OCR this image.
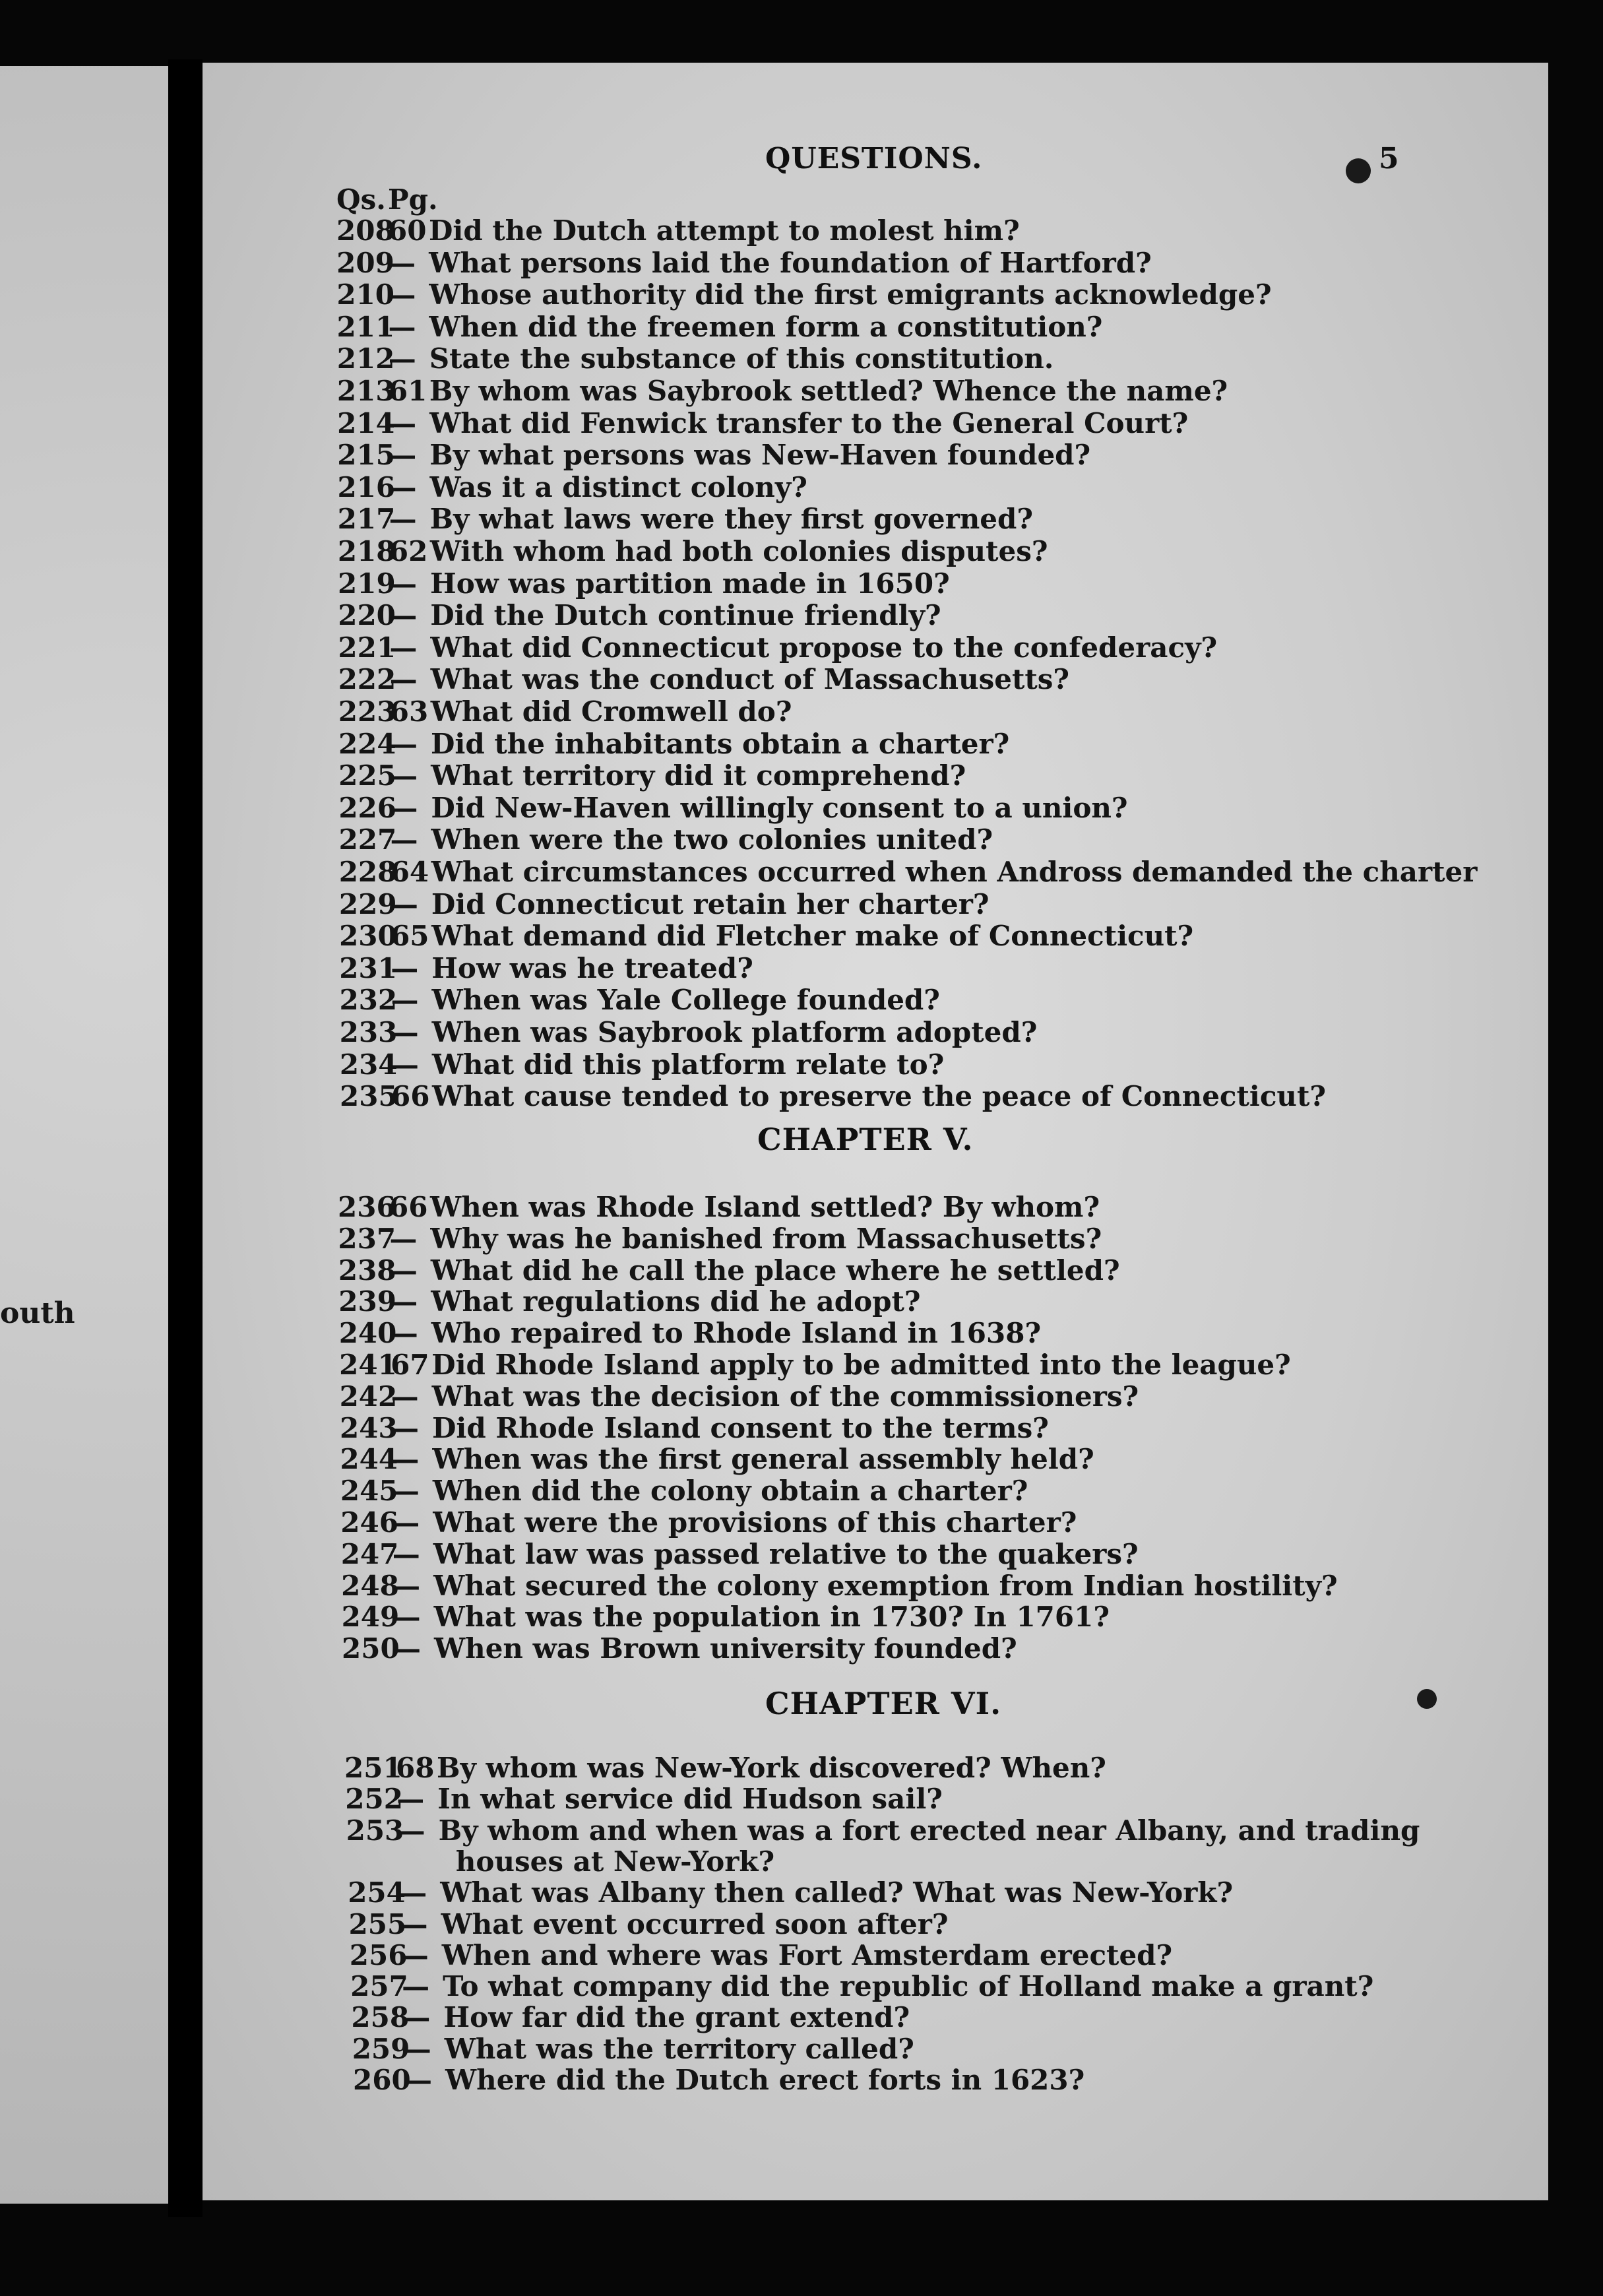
outh
QUESTIONS.	5
Qs.Pg.
20860Did the Dutch attempt to molest him?
209— What persons laid the foundation of Hartford?
210— Whose authority did the first emigrants acknowledge?
211— When did the freemen form a constitution?
212— State the substance of this constitution.
21361By whom was Saybrook settled? Whence the name?
214— What did Fenwick transfer to the General Court?
215— By what persons was New-Haven founded?
216— Was it a distinct colony?
217— By what laws were they first governed?
21862With whom had both colonies disputes?
219— How was partition made in 1650?
220— Did the Dutch continue friendly?
221— What did Connecticut propose to the confederacy?
222— What was the conduct of Massachusetts?
22363What did Cromwell do?
224— Did the inhabitants obtain a charter?
225— What territory did it comprehend?
226— Did New-Haven willingly consent to a union?
227— When were the two colonies united?
22864What circumstances occurred when Andross demanded the charter
229— Did Connecticut retain her charter?
23065What demand did Fletcher make of Connecticut?
231— How was he treated?
232— When was Yale College founded?
233— When was Saybrook platform adopted?
234— What did this platform relate to?
23566What cause tended to preserve the peace of Connecticut?
CHAPTER V.
23666When was Rhode Island settled? By whom?
237— Why was he banished from Massachusetts?
238— What did he call the place where he settled?
239— What regulations did he adopt?
240— Who repaired to Rhode Island in 1638?
24167Did Rhode Island apply to be admitted into the league?
242— What was the decision of the commissioners?
243— Did Rhode Island consent to the terms?
244— When was the first general assembly held?
245— When did the colony obtain a charter?
246— What were the provisions of this charter?
247— What law was passed relative to the quakers?
248— What secured the colony exemption from Indian hostility?
249— What was the population in 1730? In 1761?
250— When was Brown university founded?
CHAPTER VI.
25168By whom was New-York discovered? When?
252— In what service did Hudson sail?
253— By whom and when was a fort erected near Albany, and trading
houses at New-York?
254— What was Albany then called? What was New-York?
255— What event occurred soon after?
256— When and where was Fort Amsterdam erected?
257— To what company did the republic of Holland make a grant?
258— How far did the grant extend?
259— What was the territory called?
260— Where did the Dutch erect forts in 1623?
